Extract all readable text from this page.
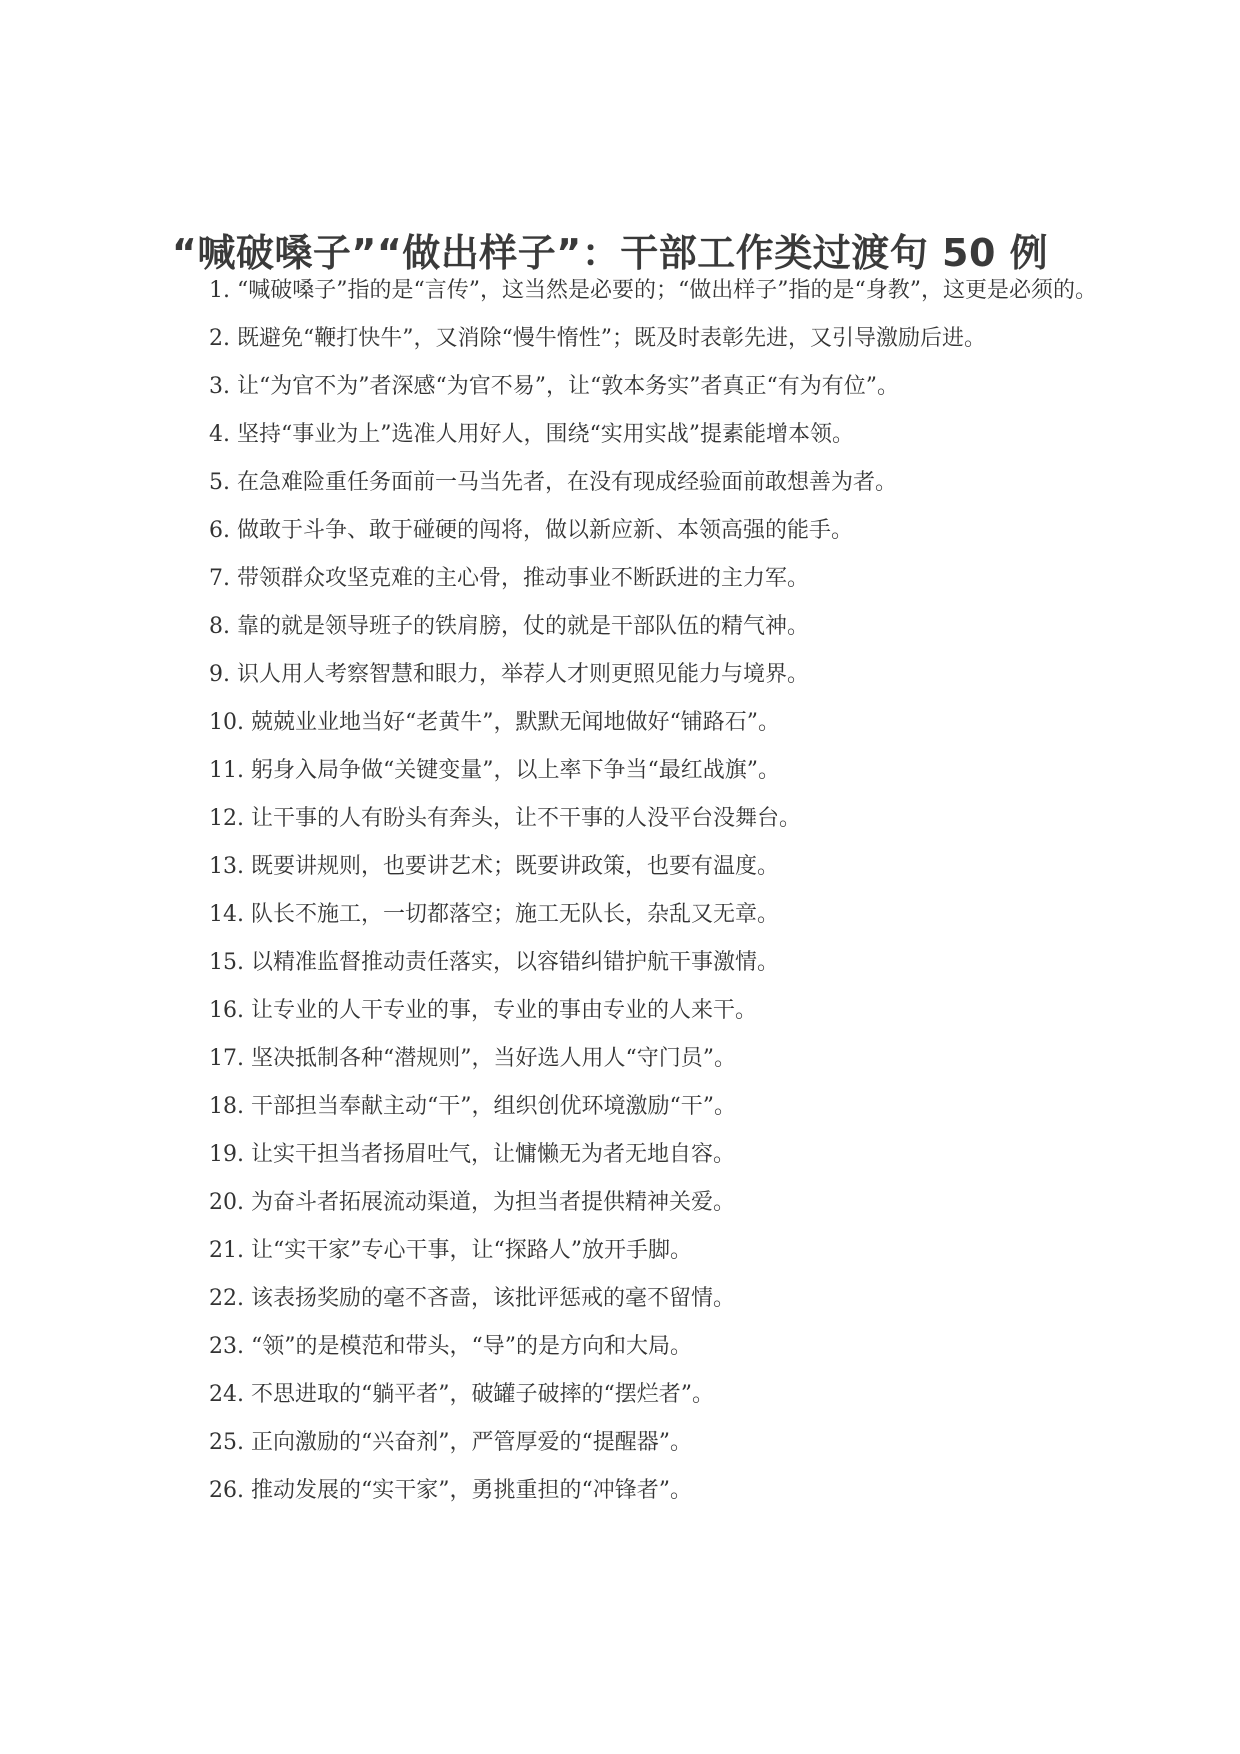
“喊破嗓子”“做出样子”：干部工作类过渡句 50 例
1. “喊破嗓子”指的是“言传”，这当然是必要的；“做出样子”指的是“身教”，这更是必须的。
2. 既避免“鞭打快牛”，又消除“慢牛惰性”；既及时表彰先进，又引导激励后进。
3. 让“为官不为”者深感“为官不易”，让“敦本务实”者真正“有为有位”。
4. 坚持“事业为上”选准人用好人，围绕“实用实战”提素能增本领。
5. 在急难险重任务面前一马当先者，在没有现成经验面前敢想善为者。
6. 做敢于斗争、敢于碰硬的闯将，做以新应新、本领高强的能手。
7. 带领群众攻坚克难的主心骨，推动事业不断跃进的主力军。
8. 靠的就是领导班子的铁肩膀，仗的就是干部队伍的精气神。
9. 识人用人考察智慧和眼力，举荐人才则更照见能力与境界。
10. 兢兢业业地当好“老黄牛”，默默无闻地做好“铺路石”。
11. 躬身入局争做“关键变量”，以上率下争当“最红战旗”。
12. 让干事的人有盼头有奔头，让不干事的人没平台没舞台。
13. 既要讲规则，也要讲艺术；既要讲政策，也要有温度。
14. 队长不施工，一切都落空；施工无队长，杂乱又无章。
15. 以精准监督推动责任落实，以容错纠错护航干事激情。
16. 让专业的人干专业的事，专业的事由专业的人来干。
17. 坚决抵制各种“潜规则”，当好选人用人“守门员”。
18. 干部担当奉献主动“干”，组织创优环境激励“干”。
19. 让实干担当者扬眉吐气，让慵懒无为者无地自容。
20. 为奋斗者拓展流动渠道，为担当者提供精神关爱。
21. 让“实干家”专心干事，让“探路人”放开手脚。
22. 该表扬奖励的毫不吝啬，该批评惩戒的毫不留情。
23. “领”的是模范和带头，“导”的是方向和大局。
24. 不思进取的“躺平者”，破罐子破摔的“摆烂者”。
25. 正向激励的“兴奋剂”，严管厚爱的“提醒器”。
26. 推动发展的“实干家”，勇挑重担的“冲锋者”。
